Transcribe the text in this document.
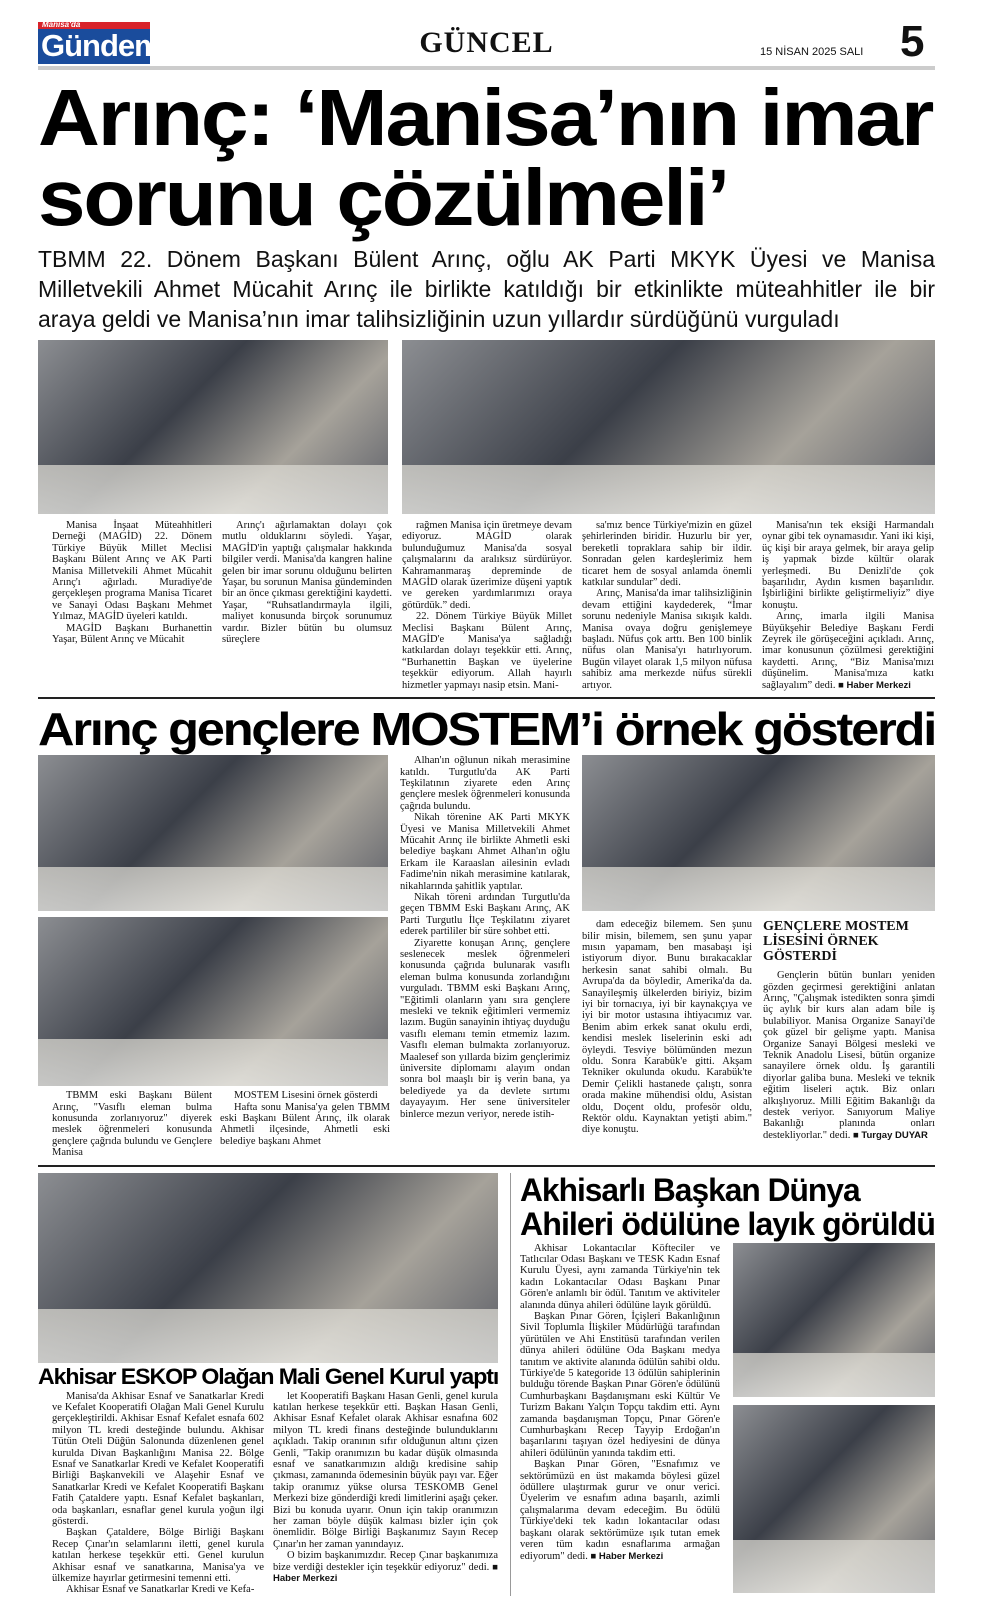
Manisa'da
Gündem	GÜNCEL	15 NİSAN 2025 SALI 5
Arınç: ‘Manisa’nın imar
sorunu çözülmeli’
TBMM 22. Dönem Başkanı Bülent Arınç, oğlu AK Parti MKYK Üyesi ve Manisa Milletvekili Ahmet Mücahit Arınç ile birlikte katıldığı bir etkinlikte müteahhitler ile bir araya geldi ve Manisa’nın imar talihsizliğinin uzun yıllardır sürdüğünü vurguladı

Manisa İnşaat Müteahhitleri Derneği (MAGİD) 22. Dönem Türkiye Büyük Millet Meclisi Başkanı Bülent Arınç ve AK Parti Manisa Milletvekili Ahmet Mücahit Arınç'ı ağırladı. Muradiye'de gerçekleşen programa Manisa Ticaret ve Sanayi Odası Başkanı Mehmet Yılmaz, MAGİD üyeleri katıldı.

MAGİD Başkanı Burhanettin Yaşar, Bülent Arınç ve Mücahit

Arınç'ı ağırlamaktan dolayı çok mutlu olduklarını söyledi. Yaşar, MAGİD'in yaptığı çalışmalar hakkında bilgiler verdi. Manisa'da kangren haline gelen bir imar sorunu olduğunu belirten Yaşar, bu sorunun Manisa gündeminden bir an önce çıkması gerektiğini kaydetti. Yaşar, “Ruhsatlandırmayla ilgili, maliyet konusunda birçok sorunumuz vardır. Bizler bütün bu olumsuz süreçlere

rağmen Manisa için üretmeye devam ediyoruz. MAGİD olarak bulunduğumuz Manisa'da sosyal çalışmalarını da aralıksız sürdürüyor. Kahramanmaraş depreminde de MAGİD olarak üzerimize düşeni yaptık ve gereken yardımlarımızı oraya götürdük.” dedi.

22. Dönem Türkiye Büyük Millet Meclisi Başkanı Bülent Arınç, MAGİD'e Manisa'ya sağladığı katkılardan dolayı teşekkür etti. Arınç, “Burhanettin Başkan ve üyelerine teşekkür ediyorum. Allah hayırlı hizmetler yapmayı nasip etsin. Mani-

sa'mız bence Türkiye'mizin en güzel şehirlerinden biridir. Huzurlu bir yer, bereketli topraklara sahip bir ildir. Sonradan gelen kardeşlerimiz hem ticaret hem de sosyal anlamda önemli katkılar sundular” dedi.

Arınç, Manisa'da imar talihsizliğinin devam ettiğini kaydederek, “İmar sorunu nedeniyle Manisa sıkışık kaldı. Manisa ovaya doğru genişlemeye başladı. Nüfus çok arttı. Ben 100 binlik nüfus olan Manisa'yı hatırlıyorum. Bugün vilayet olarak 1,5 milyon nüfusa sahibiz ama merkezde nüfus sürekli artıyor.

Manisa'nın tek eksiği Harmandalı oynar gibi tek oynamasıdır. Yani iki kişi, üç kişi bir araya gelmek, bir araya gelip iş yapmak bizde kültür olarak yerleşmedi. Bu Denizli'de çok başarılıdır, Aydın kısmen başarılıdır. İşbirliğini birlikte geliştirmeliyiz” diye konuştu.

Arınç, imarla ilgili Manisa Büyükşehir Belediye Başkanı Ferdi Zeyrek ile görüşeceğini açıkladı. Arınç, imar konusunun çözülmesi gerektiğini kaydetti. Arınç, “Biz Manisa'mızı düşünelim. Manisa'mıza katkı sağlayalım” dedi. ■ Haber Merkezi

Arınç gençlere MOSTEM’i örnek gösterdi

TBMM eski Başkanı Bülent Arınç, "Vasıflı eleman bulma konusunda zorlanıyoruz" diyerek meslek öğrenmeleri konusunda gençlere çağrıda bulundu ve Gençlere Manisa

MOSTEM Lisesini örnek gösterdi

Hafta sonu Manisa'ya gelen TBMM eski Başkanı Bülent Arınç, ilk olarak Ahmetli ilçesinde, Ahmetli eski belediye başkanı Ahmet

Alhan'ın oğlunun nikah merasimine katıldı. Turgutlu'da AK Parti Teşkilatının ziyarete eden Arınç gençlere meslek öğrenmeleri konusunda çağrıda bulundu.

Nikah törenine AK Parti MKYK Üyesi ve Manisa Milletvekili Ahmet Mücahit Arınç ile birlikte Ahmetli eski belediye başkanı Ahmet Alhan'ın oğlu Erkam ile Karaaslan ailesinin evladı Fadime'nin nikah merasimine katılarak, nikahlarında şahitlik yaptılar.

Nikah töreni ardından Turgutlu'da geçen TBMM Eski Başkanı Arınç, AK Parti Turgutlu İlçe Teşkilatını ziyaret ederek partililer bir süre sohbet etti.

Ziyarette konuşan Arınç, gençlere seslenecek meslek öğrenmeleri konusunda çağrıda bulunarak vasıflı eleman bulma konusunda zorlandığını vurguladı. TBMM eski Başkanı Arınç, "Eğitimli olanların yanı sıra gençlere mesleki ve teknik eğitimleri vermemiz lazım. Bugün sanayinin ihtiyaç duyduğu vasıflı elemanı temin etmemiz lazım. Vasıflı eleman bulmakta zorlanıyoruz. Maalesef son yıllarda bizim gençlerimiz üniversite diplomamı alayım ondan sonra bol maaşlı bir iş verin bana, ya belediyede ya da devlete sırtımı dayayayım. Her sene üniversiteler binlerce mezun veriyor, nerede istih-

dam edeceğiz bilemem. Sen şunu bilir misin, bilemem, sen şunu yapar mısın yapamam, ben masabaşı işi istiyorum diyor. Bunu bırakacaklar herkesin sanat sahibi olmalı. Bu Avrupa'da da böyledir, Amerika'da da. Sanayileşmiş ülkelerden biriyiz, bizim iyi bir tornacıya, iyi bir kaynakçıya ve iyi bir motor ustasına ihtiyacımız var. Benim abim erkek sanat okulu erdi, kendisi meslek liselerinin eski adı öyleydi. Tesviye bölümünden mezun oldu. Sonra Karabük'e gitti. Akşam Tekniker okulunda okudu. Karabük'te Demir Çelikli hastanede çalıştı, sonra orada makine mühendisi oldu, Asistan oldu, Doçent oldu, profesör oldu, Rektör oldu. Kaynaktan yetişti abim." diye konuştu.

GENÇLERE MOSTEM LİSESİNİ ÖRNEK GÖSTERDİ

Gençlerin bütün bunları yeniden gözden geçirmesi gerektiğini anlatan Arınç, "Çalışmak istedikten sonra şimdi üç aylık bir kurs alan adam bile iş bulabiliyor. Manisa Organize Sanayi'de çok güzel bir gelişme yaptı. Manisa Organize Sanayi Bölgesi mesleki ve Teknik Anadolu Lisesi, bütün organize sanayilere örnek oldu. İş garantili diyorlar galiba buna. Mesleki ve teknik eğitim liseleri açtık. Biz onları alkışlıyoruz. Milli Eğitim Bakanlığı da destek veriyor. Sanıyorum Maliye Bakanlığı planında onları destekliyorlar." dedi. ■ Turgay DUYAR

Akhisar ESKOP Olağan Mali Genel Kurul yaptı

Manisa'da Akhisar Esnaf ve Sanatkarlar Kredi ve Kefalet Kooperatifi Olağan Mali Genel Kurulu gerçekleştirildi. Akhisar Esnaf Kefalet esnafa 602 milyon TL kredi desteğinde bulundu. Akhisar Tütün Oteli Düğün Salonunda düzenlenen genel kurulda Divan Başkanlığını Manisa 22. Bölge Esnaf ve Sanatkarlar Kredi ve Kefalet Kooperatifi Birliği Başkanvekili ve Alaşehir Esnaf ve Sanatkarlar Kredi ve Kefalet Kooperatifi Başkanı Fatih Çataldere yaptı. Esnaf Kefalet başkanları, oda başkanları, esnaflar genel kurula yoğun ilgi gösterdi.

Başkan Çataldere, Bölge Birliği Başkanı Recep Çınar'ın selamlarını iletti, genel kurula katılan herkese teşekkür etti. Genel kurulun Akhisar esnaf ve sanatkarına, Manisa'ya ve ülkemize hayırlar getirmesini temenni etti.

Akhisar Esnaf ve Sanatkarlar Kredi ve Kefa-

let Kooperatifi Başkanı Hasan Genli, genel kurula katılan herkese teşekkür etti. Başkan Hasan Genli, Akhisar Esnaf Kefalet olarak Akhisar esnafına 602 milyon TL kredi finans desteğinde bulunduklarını açıkladı. Takip oranının sıfır olduğunun altını çizen Genli, "Takip oranımızın bu kadar düşük olmasında esnaf ve sanatkarımızın aldığı kredisine sahip çıkması, zamanında ödemesinin büyük payı var. Eğer takip oranımız yükse olursa TESKOMB Genel Merkezi bize gönderdiği kredi limitlerini aşağı çeker. Bizi bu konuda uyarır. Onun için takip oranımızın her zaman böyle düşük kalması bizler için çok önemlidir. Bölge Birliği Başkanımız Sayın Recep Çınar'ın her zaman yanındayız.

O bizim başkanımızdır. Recep Çınar başkanımıza bize verdiği destekler için teşekkür ediyoruz" dedi. ■ Haber Merkezi

Akhisarlı Başkan Dünya
Ahileri ödülüne layık görüldü

Akhisar Lokantacılar Köfteciler ve Tatlıcılar Odası Başkanı ve TESK Kadın Esnaf Kurulu Üyesi, aynı zamanda Türkiye'nin tek kadın Lokantacılar Odası Başkanı Pınar Gören'e anlamlı bir ödül. Tanıtım ve aktiviteler alanında dünya ahileri ödülüne layık görüldü.

Başkan Pınar Gören, İçişleri Bakanlığının Sivil Toplumla İlişkiler Müdürlüğü tarafından yürütülen ve Ahi Enstitüsü tarafından verilen dünya ahileri ödülüne Oda Başkanı medya tanıtım ve aktivite alanında ödülün sahibi oldu. Türkiye'de 5 kategoride 13 ödülün sahiplerinin bulduğu törende Başkan Pınar Gören'e ödülünü Cumhurbaşkanı Başdanışmanı eski Kültür Ve Turizm Bakanı Yalçın Topçu takdim etti. Aynı zamanda başdanışman Topçu, Pınar Gören'e Cumhurbaşkanı Recep Tayyip Erdoğan'ın başarılarını taşıyan özel hediyesini de dünya ahileri ödülünün yanında takdim etti.

Başkan Pınar Gören, "Esnafımız ve sektörümüzü en üst makamda böylesi güzel ödüllere ulaştırmak gurur ve onur verici. Üyelerim ve esnafım adına başarılı, azimli çalışmalarıma devam edeceğim. Bu ödülü Türkiye'deki tek kadın lokantacılar odası başkanı olarak sektörümüze ışık tutan emek veren tüm kadın esnaflarıma armağan ediyorum" dedi. ■ Haber Merkezi
